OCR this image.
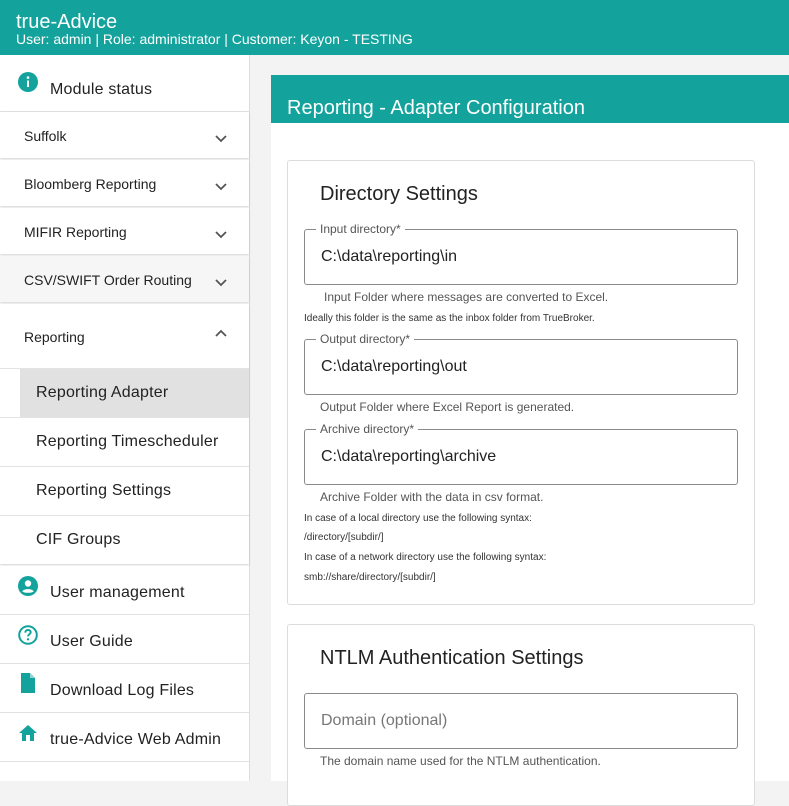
true-Advice
User: admin | Role: administrator | Customer: Keyon - TESTING
Module status
Suffolk
Bloomberg Reporting
MIFIR Reporting
CSV/SWIFT Order Routing
Reporting
Reporting Adapter
Reporting Timescheduler
Reporting Settings
CIF Groups
User management
User Guide
Download Log Files
true-Advice Web Admin
Reporting - Adapter Configuration
Directory Settings
Input directory*
C:\data\reporting\in
Input Folder where messages are converted to Excel.
Ideally this folder is the same as the inbox folder from TrueBroker.
Output directory*
C:\data\reporting\out
Output Folder where Excel Report is generated.
Archive directory*
C:\data\reporting\archive
Archive Folder with the data in csv format.
In case of a local directory use the following syntax:
/directory/[subdir/]
In case of a network directory use the following syntax:
smb://share/directory/[subdir/]
NTLM Authentication Settings
Domain (optional)
The domain name used for the NTLM authentication.
